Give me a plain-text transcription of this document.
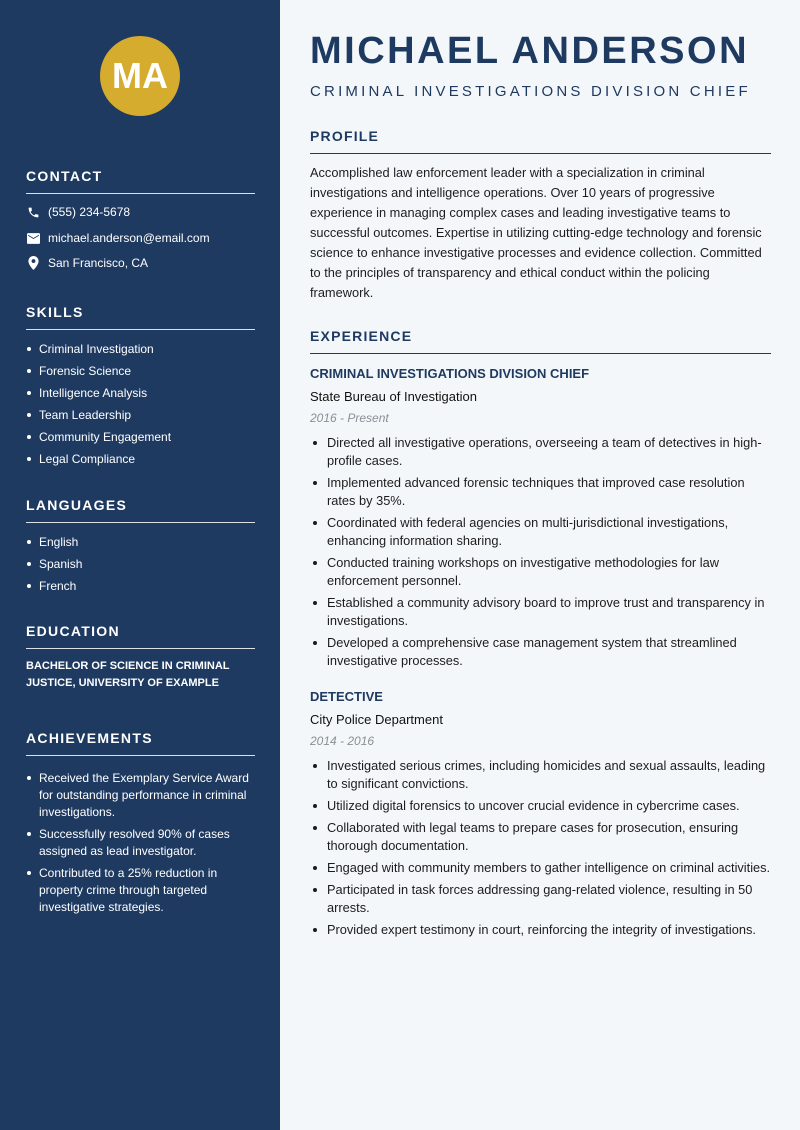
MA
CONTACT
(555) 234-5678
michael.anderson@email.com
San Francisco, CA
SKILLS
Criminal Investigation
Forensic Science
Intelligence Analysis
Team Leadership
Community Engagement
Legal Compliance
LANGUAGES
English
Spanish
French
EDUCATION
BACHELOR OF SCIENCE IN CRIMINAL JUSTICE, UNIVERSITY OF EXAMPLE
ACHIEVEMENTS
Received the Exemplary Service Award for outstanding performance in criminal investigations.
Successfully resolved 90% of cases assigned as lead investigator.
Contributed to a 25% reduction in property crime through targeted investigative strategies.
MICHAEL ANDERSON
CRIMINAL INVESTIGATIONS DIVISION CHIEF
PROFILE

Accomplished law enforcement leader with a specialization in criminal investigations and intelligence operations. Over 10 years of progressive experience in managing complex cases and leading investigative teams to successful outcomes. Expertise in utilizing cutting-edge technology and forensic science to enhance investigative processes and evidence collection. Committed to the principles of transparency and ethical conduct within the policing framework.

EXPERIENCE
CRIMINAL INVESTIGATIONS DIVISION CHIEF
State Bureau of Investigation
2016 - Present
Directed all investigative operations, overseeing a team of detectives in high-profile cases.
Implemented advanced forensic techniques that improved case resolution rates by 35%.
Coordinated with federal agencies on multi-jurisdictional investigations, enhancing information sharing.
Conducted training workshops on investigative methodologies for law enforcement personnel.
Established a community advisory board to improve trust and transparency in investigations.
Developed a comprehensive case management system that streamlined investigative processes.
DETECTIVE
City Police Department
2014 - 2016
Investigated serious crimes, including homicides and sexual assaults, leading to significant convictions.
Utilized digital forensics to uncover crucial evidence in cybercrime cases.
Collaborated with legal teams to prepare cases for prosecution, ensuring thorough documentation.
Engaged with community members to gather intelligence on criminal activities.
Participated in task forces addressing gang-related violence, resulting in 50 arrests.
Provided expert testimony in court, reinforcing the integrity of investigations.
